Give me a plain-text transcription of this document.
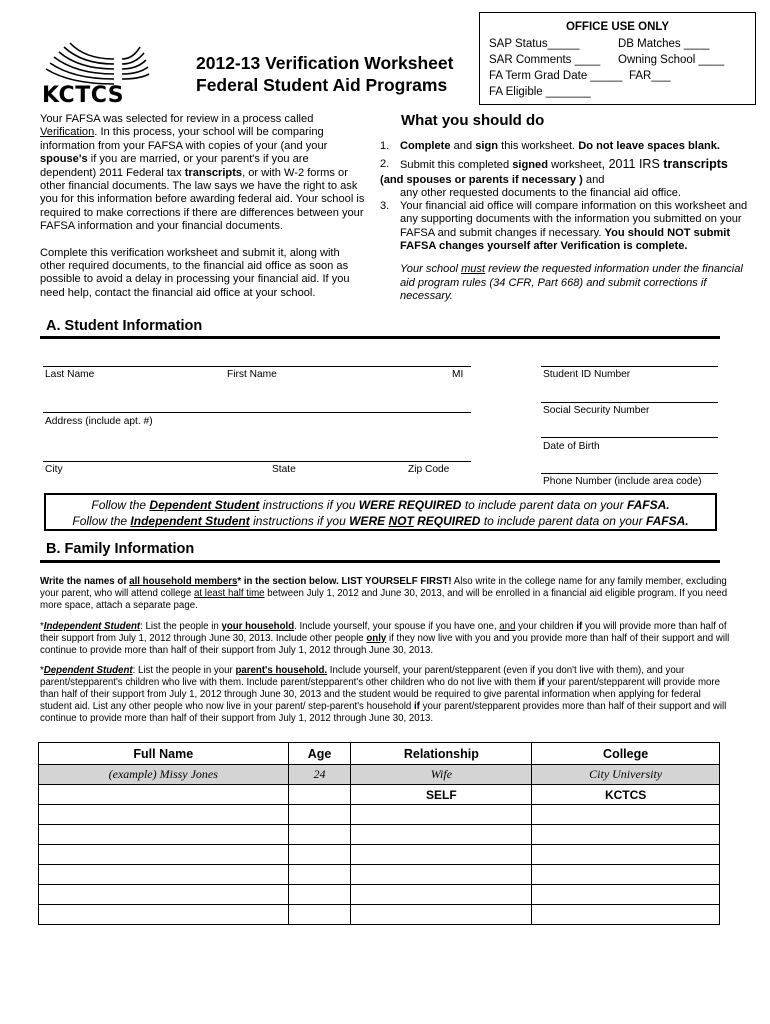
OFFICE USE ONLY
SAP Status_____	DB Matches ____
SAR Comments ____ Owning School ____
FA Term Grad Date _____ FAR___
FA Eligible _______
KCTCS
2012-13 Verification Worksheet
Federal Student Aid Programs

Your FAFSA was selected for review in a process called Verification. In this process, your school will be comparing information from your FAFSA with copies of your (and your spouse's if you are married, or your parent's if you are dependent) 2011 Federal tax transcripts, or with W-2 forms or other financial documents. The law says we have the right to ask you for this information before awarding federal aid. Your school is required to make corrections if there are differences between your FAFSA information and your financial documents.

Complete this verification worksheet and submit it, along with other required documents, to the financial aid office as soon as possible to avoid a delay in processing your financial aid. If you need help, contact the financial aid office at your school.

What you should do
1. Complete and sign this worksheet. Do not leave spaces blank.
2. Submit this completed signed worksheet, 2011 IRS transcripts
(and spouses or parents if necessary ) and
any other requested documents to the financial aid office.
3. Your financial aid office will compare information on this worksheet and any supporting documents with the information you submitted on your FAFSA and submit changes if necessary. You should NOT submit FAFSA changes yourself after Verification is complete.
Your school must review the requested information under the financial aid program rules (34 CFR, Part 668) and submit corrections if necessary.
A. Student Information
Last Name	First Name	MI	Student ID Number
Social Security Number
Address (include apt. #)
Date of Birth
City	State	Zip Code
Phone Number (include area code)
Follow the Dependent Student instructions if you WERE REQUIRED to include parent data on your FAFSA.
Follow the Independent Student instructions if you WERE NOT REQUIRED to include parent data on your FAFSA.
B. Family Information

Write the names of all household members* in the section below. LIST YOURSELF FIRST! Also write in the college name for any family member, excluding your parent, who will attend college at least half time between July 1, 2012 and June 30, 2013, and will be enrolled in a financial aid eligible program. If you need more space, attach a separate page.

*Independent Student: List the people in your household. Include yourself, your spouse if you have one, and your children if you will provide more than half of their support from July 1, 2012 through June 30, 2013. Include other people only if they now live with you and you provide more than half of their support and will continue to provide more than half of their support from July 1, 2012 through June 30, 2013.

*Dependent Student: List the people in your parent's household. Include yourself, your parent/stepparent (even if you don't live with them), and your parent/stepparent's children who live with them. Include parent/stepparent's other children who do not live with them if your parent/stepparent will provide more than half of their support from July 1, 2012 through June 30, 2013 and the student would be required to give parental information when applying for federal student aid. List any other people who now live in your parent/ step-parent's household if your parent/stepparent provides more than half of their support and will continue to provide more than half of their support from July 1, 2012 through June 30, 2013.

Full Name	Age	Relationship	College
(example) Missy Jones	24	Wife	City University
		SELF	KCTCS
